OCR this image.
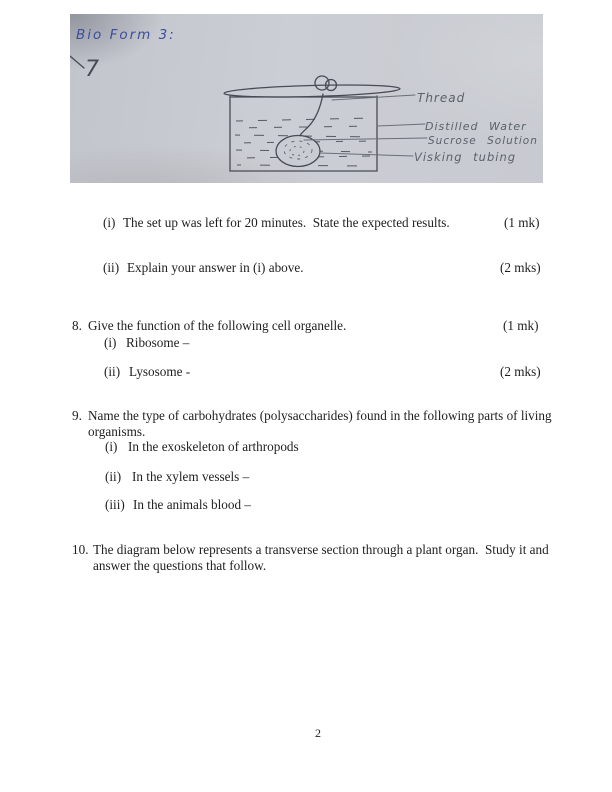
7
Bio Form 3:
Thread
Distilled Water
Sucrose Solution
Visking tubing
(i) The set up was left for 20 minutes.  State the expected results.	(1 mk)
(ii) Explain your answer in (i) above.	(2 mks)
8. Give the function of the following cell organelle.	(1 mk)
(i) Ribosome –
(ii) Lysosome -	(2 mks)
9. Name the type of carbohydrates (polysaccharides) found in the following parts of living
organisms.
(i) In the exoskeleton of arthropods
(ii) In the xylem vessels –
(iii) In the animals blood –
10. The diagram below represents a transverse section through a plant organ.  Study it and
answer the questions that follow.
2
